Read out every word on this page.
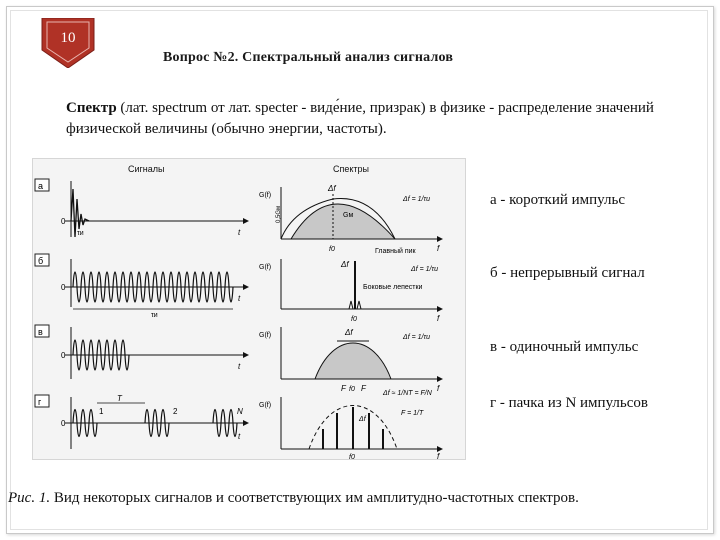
10
Вопрос №2. Спектральный анализ сигналов
Спектр (лат. spectrum от лат. specter - виде́ние, призрак) в физике - распределение значений физической величины (обычно энергии, частоты).
Сигналы	Спектры
а
0
τи	t
G(f)
0,5Gм	Gм
Δf
Δf = 1/τи
f0	f
б
0
τи
t
G(f)
Главный пик
Боковые лепестки
Δf
Δf = 1/τи
f0	f
в
0
t
G(f)	Δf
Δf = 1/τи
f0	f
г	T
1	2	N
0
t
G(f)
F F
Δf
Δf ≈ 1/NT = F/N
F = 1/T
f0	f
а - короткий импульс
б - непрерывный сигнал
в - одиночный импульс
г - пачка из N импульсов
Рис. 1. Вид некоторых сигналов и соответствующих им амплитудно-частотных спектров.
